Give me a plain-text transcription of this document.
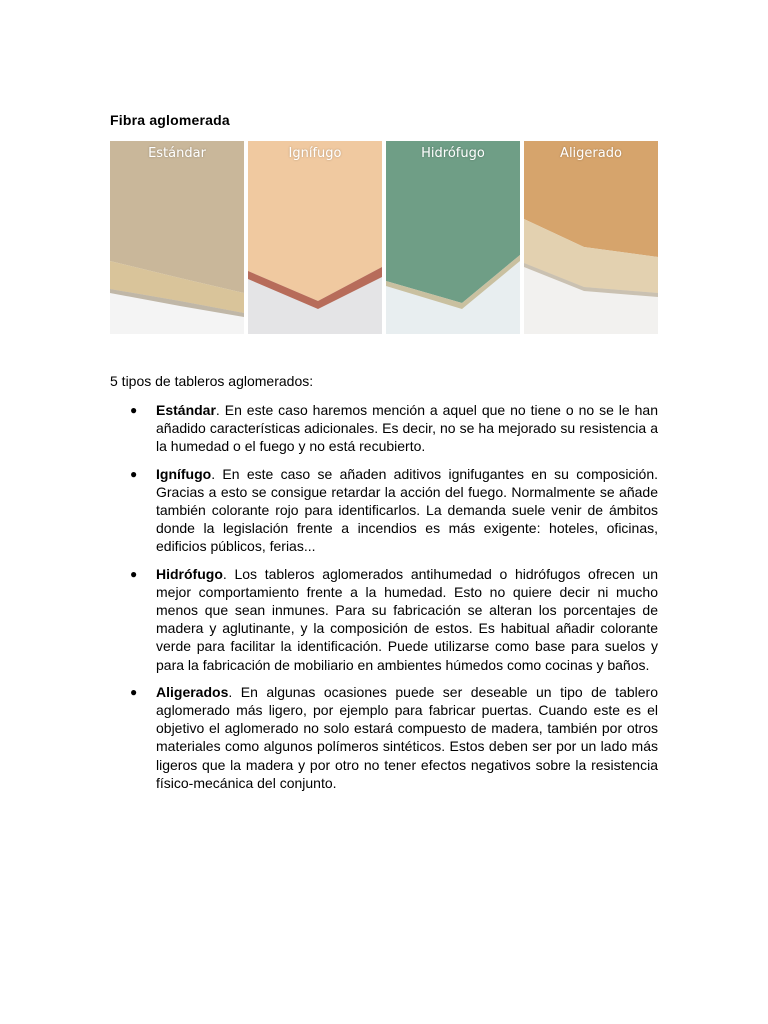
Fibra aglomerada
Estándar	Ignífugo	Hidrófugo	Aligerado
5 tipos de tableros aglomerados:
● Estándar. En este caso haremos mención a aquel que no tiene o no se le han añadido características adicionales. Es decir, no se ha mejorado su resistencia a la humedad o el fuego y no está recubierto.
● Ignífugo. En este caso se añaden aditivos ignifugantes en su composición. Gracias a esto se consigue retardar la acción del fuego. Normalmente se añade también colorante rojo para identificarlos. La demanda suele venir de ámbitos donde la legislación frente a incendios es más exigente: hoteles, oficinas, edificios públicos, ferias...
● Hidrófugo. Los tableros aglomerados antihumedad o hidrófugos ofrecen un mejor comportamiento frente a la humedad. Esto no quiere decir ni mucho menos que sean inmunes. Para su fabricación se alteran los porcentajes de madera y aglutinante, y la composición de estos. Es habitual añadir colorante verde para facilitar la identificación. Puede utilizarse como base para suelos y para la fabricación de mobiliario en ambientes húmedos como cocinas y baños.
● Aligerados. En algunas ocasiones puede ser deseable un tipo de tablero aglomerado más ligero, por ejemplo para fabricar puertas. Cuando este es el objetivo el aglomerado no solo estará compuesto de madera, también por otros materiales como algunos polímeros sintéticos. Estos deben ser por un lado más ligeros que la madera y por otro no tener efectos negativos sobre la resistencia físico-mecánica del conjunto.
